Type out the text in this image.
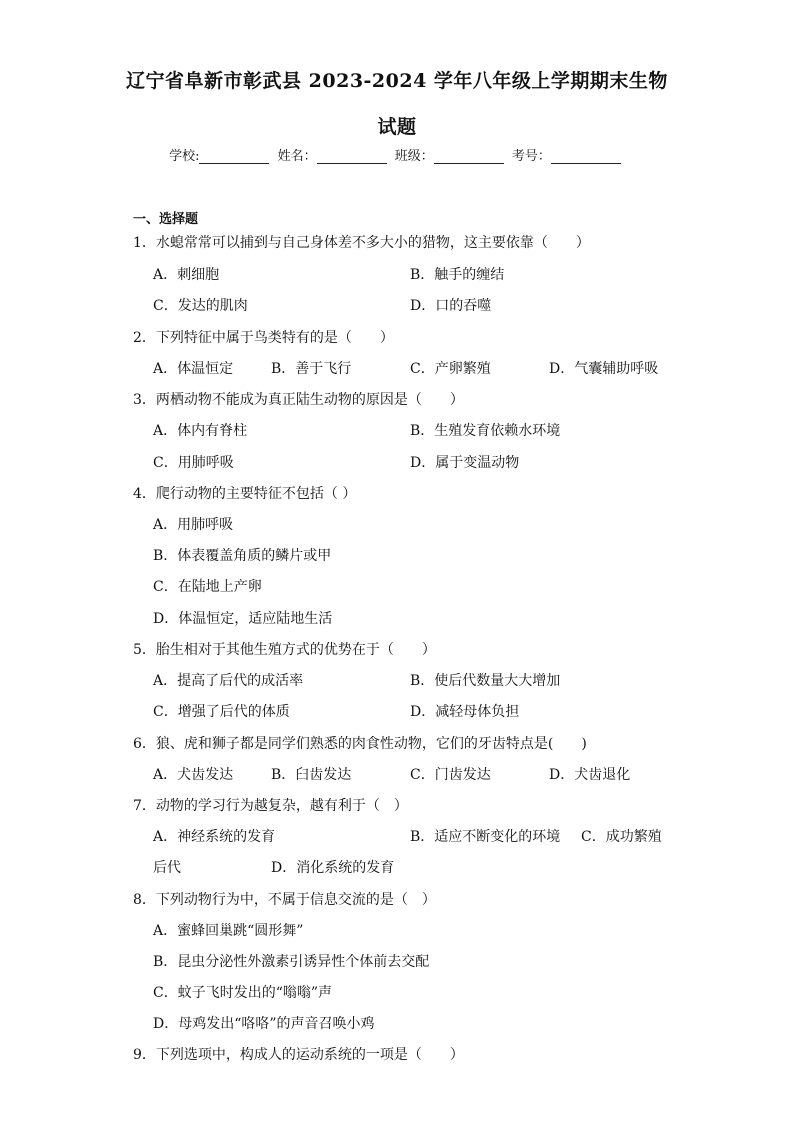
辽宁省阜新市彰武县 2023-2024 学年八年级上学期期末生物
试题
学校:	姓名：	班级：	考号：
一、选择题
1．水螅常常可以捕到与自己身体差不多大小的猎物，这主要依靠（　　）
A．刺细胞	B．触手的缠结
C．发达的肌肉	D．口的吞噬
2．下列特征中属于鸟类特有的是（　　）
A．体温恒定	B．善于飞行	C．产卵繁殖	D．气囊辅助呼吸
3．两栖动物不能成为真正陆生动物的原因是（　　）
A．体内有脊柱	B．生殖发育依赖水环境
C．用肺呼吸	D．属于变温动物
4．爬行动物的主要特征不包括（ ）
A．用肺呼吸
B．体表覆盖角质的鳞片或甲
C．在陆地上产卵
D．体温恒定，适应陆地生活
5．胎生相对于其他生殖方式的优势在于（　　）
A．提高了后代的成活率	B．使后代数量大大增加
C．增强了后代的体质	D．减轻母体负担
6．狼、虎和狮子都是同学们熟悉的肉食性动物，它们的牙齿特点是(　　)
A．犬齿发达	B．臼齿发达	C．门齿发达	D．犬齿退化
7．动物的学习行为越复杂，越有利于（　）
A．神经系统的发育	B．适应不断变化的环境 C．成功繁殖
后代	D．消化系统的发育
8．下列动物行为中，不属于信息交流的是（　）
A．蜜蜂回巢跳“圆形舞”
B．昆虫分泌性外激素引诱异性个体前去交配
C．蚊子飞时发出的“嗡嗡”声
D．母鸡发出“咯咯”的声音召唤小鸡
9．下列选项中，构成人的运动系统的一项是（　　）
